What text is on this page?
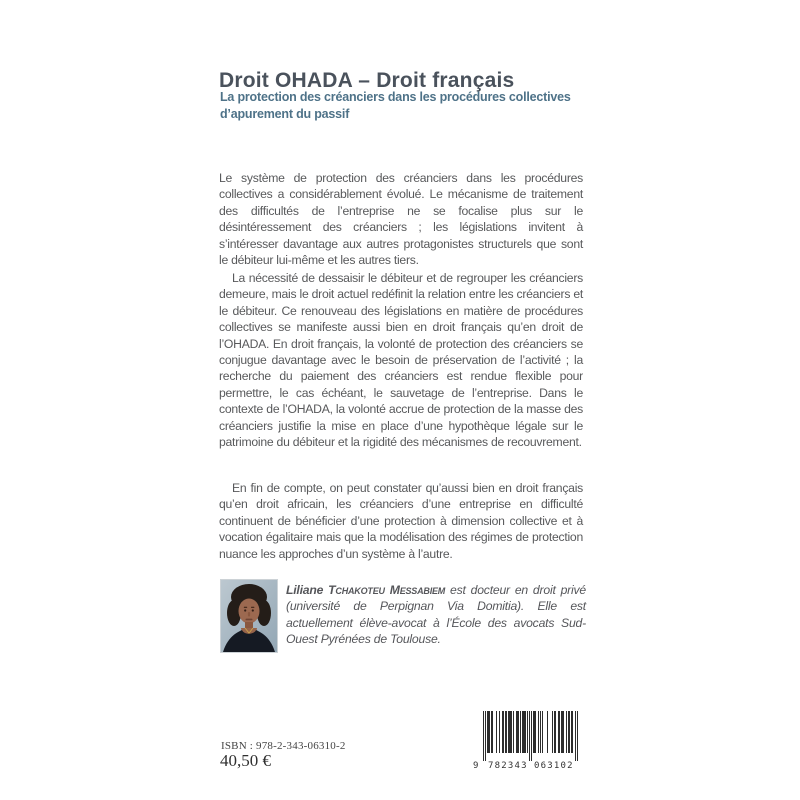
Droit OHADA – Droit français
La protection des créanciers dans les procédures collectives
d’apurement du passif

Le système de protection des créanciers dans les procédures collectives a considérablement évolué. Le mécanisme de traitement des difficultés de l’entreprise ne se focalise plus sur le désintéressement des créanciers ; les législations invitent à s’intéresser davantage aux autres protagonistes structurels que sont le débiteur lui-même et les autres tiers.

La nécessité de dessaisir le débiteur et de regrouper les créanciers demeure, mais le droit actuel redéfinit la relation entre les créanciers et le débiteur. Ce renouveau des législations en matière de procédures collectives se manifeste aussi bien en droit français qu’en droit de l’OHADA. En droit français, la volonté de protection des créanciers se conjugue davantage avec le besoin de préservation de l’activité ; la recherche du paiement des créanciers est rendue flexible pour permettre, le cas échéant, le sauvetage de l’entreprise. Dans le contexte de l’OHADA, la volonté accrue de protection de la masse des créanciers justifie la mise en place d’une hypothèque légale sur le patrimoine du débiteur et la rigidité des mécanismes de recouvrement.

En fin de compte, on peut constater qu’aussi bien en droit français qu’en droit africain, les créanciers d’une entreprise en difficulté continuent de bénéficier d’une protection à dimension collective et à vocation égalitaire mais que la modélisation des régimes de protection nuance les approches d’un système à l’autre.

Liliane Tchakoteu Messabiem est docteur en droit privé (université de Perpignan Via Domitia). Elle est actuellement élève-avocat à l’École des avocats Sud-Ouest Pyrénées de Toulouse.

ISBN : 978-2-343-06310-2
40,50 €	9 782343 063102
